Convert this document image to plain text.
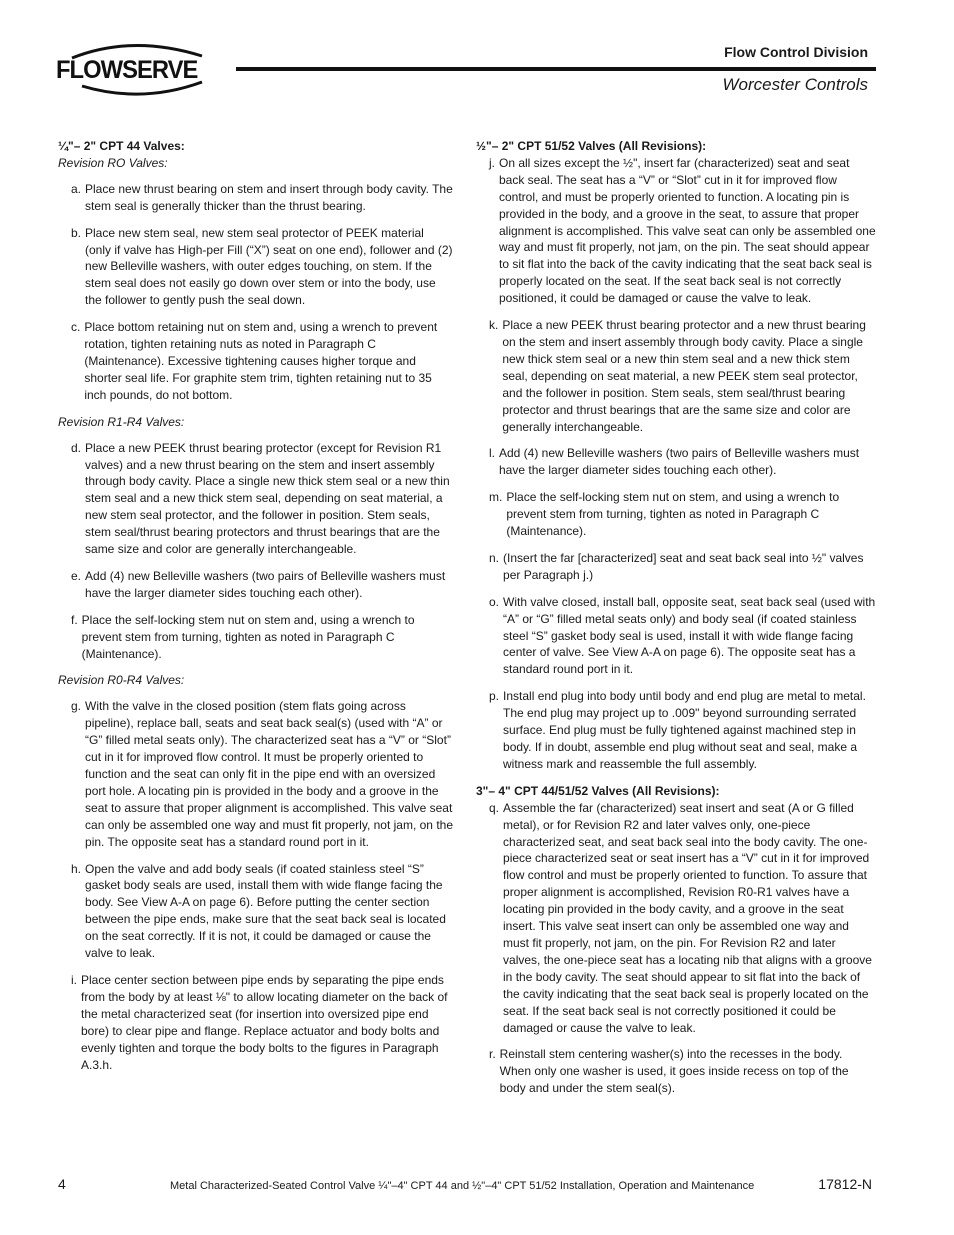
FLOWSERVE
Flow Control Division
Worcester Controls

¼"– 2" CPT 44 Valves:

Revision RO Valves:

a. Place new thrust bearing on stem and insert through body cavity. The stem seal is generally thicker than the thrust bearing.
b. Place new stem seal, new stem seal protector of PEEK material (only if valve has High-per Fill (“X”) seat on one end), follower and (2) new Belleville washers, with outer edges touching, on stem. If the stem seal does not easily go down over stem or into the body, use the follower to gently push the seal down.
c. Place bottom retaining nut on stem and, using a wrench to prevent rotation, tighten retaining nuts as noted in Paragraph C (Maintenance). Excessive tightening causes higher torque and shorter seal life. For graphite stem trim, tighten retaining nut to 35 inch pounds, do not bottom.

Revision R1-R4 Valves:

d. Place a new PEEK thrust bearing protector (except for Revision R1 valves) and a new thrust bearing on the stem and insert assembly through body cavity. Place a single new thick stem seal or a new thin stem seal and a new thick stem seal, depending on seat material, a new stem seal protector, and the follower in position. Stem seals, stem seal/thrust bearing protectors and thrust bearings that are the same size and color are generally interchangeable.
e. Add (4) new Belleville washers (two pairs of Belleville washers must have the larger diameter sides touching each other).
f. Place the self-locking stem nut on stem and, using a wrench to prevent stem from turning, tighten as noted in Paragraph C (Maintenance).

Revision R0-R4 Valves:

g. With the valve in the closed position (stem flats going across pipeline), replace ball, seats and seat back seal(s) (used with “A” or “G” filled metal seats only). The characterized seat has a “V” or “Slot” cut in it for improved flow control. It must be properly oriented to function and the seat can only fit in the pipe end with an oversized port hole. A locating pin is provided in the body and a groove in the seat to assure that proper alignment is accomplished. This valve seat can only be assembled one way and must fit properly, not jam, on the pin. The opposite seat has a standard round port in it.
h. Open the valve and add body seals (if coated stainless steel “S” gasket body seals are used, install them with wide flange facing the body. See View A-A on page 6). Before putting the center section between the pipe ends, make sure that the seat back seal is located on the seat correctly. If it is not, it could be damaged or cause the valve to leak.
i. Place center section between pipe ends by separating the pipe ends from the body by at least ⅛" to allow locating diameter on the back of the metal characterized seat (for insertion into oversized pipe end bore) to clear pipe and flange. Replace actuator and body bolts and evenly tighten and torque the body bolts to the figures in Paragraph A.3.h.

½"– 2" CPT 51/52 Valves (All Revisions):

j. On all sizes except the ½", insert far (characterized) seat and seat back seal. The seat has a “V” or “Slot” cut in it for improved flow control, and must be properly oriented to function. A locating pin is provided in the body, and a groove in the seat, to assure that proper alignment is accomplished. This valve seat can only be assembled one way and must fit properly, not jam, on the pin. The seat should appear to sit flat into the back of the cavity indicating that the seat back seal is properly located on the seat. If the seat back seal is not correctly positioned, it could be damaged or cause the valve to leak.
k. Place a new PEEK thrust bearing protector and a new thrust bearing on the stem and insert assembly through body cavity. Place a single new thick stem seal or a new thin stem seal and a new thick stem seal, depending on seat material, a new PEEK stem seal protector, and the follower in position. Stem seals, stem seal/thrust bearing protector and thrust bearings that are the same size and color are generally interchangeable.
l. Add (4) new Belleville washers (two pairs of Belleville washers must have the larger diameter sides touching each other).
m. Place the self-locking stem nut on stem, and using a wrench to prevent stem from turning, tighten as noted in Paragraph C (Maintenance).
n. (Insert the far [characterized] seat and seat back seal into ½" valves per Paragraph j.)
o. With valve closed, install ball, opposite seat, seat back seal (used with “A” or “G” filled metal seats only) and body seal (if coated stainless steel “S” gasket body seal is used, install it with wide flange facing center of valve. See View A-A on page 6). The opposite seat has a standard round port in it.
p. Install end plug into body until body and end plug are metal to metal. The end plug may project up to .009" beyond surrounding serrated surface. End plug must be fully tightened against machined step in body. If in doubt, assemble end plug without seat and seal, make a witness mark and reassemble the full assembly.

3"– 4" CPT 44/51/52 Valves (All Revisions):

q. Assemble the far (characterized) seat insert and seat (A or G filled metal), or for Revision R2 and later valves only, one-piece characterized seat, and seat back seal into the body cavity. The one-piece characterized seat or seat insert has a “V” cut in it for improved flow control and must be properly oriented to function. To assure that proper alignment is accomplished, Revision R0-R1 valves have a locating pin provided in the body cavity, and a groove in the seat insert. This valve seat insert can only be assembled one way and must fit properly, not jam, on the pin. For Revision R2 and later valves, the one-piece seat has a locating nib that aligns with a groove in the body cavity. The seat should appear to sit flat into the back of the cavity indicating that the seat back seal is properly located on the seat. If the seat back seal is not correctly positioned it could be damaged or cause the valve to leak.
r. Reinstall stem centering washer(s) into the recesses in the body. When only one washer is used, it goes inside recess on top of the body and under the stem seal(s).
4	Metal Characterized-Seated Control Valve ¼"–4" CPT 44 and ½"–4" CPT 51/52 Installation, Operation and Maintenance	17812-N
